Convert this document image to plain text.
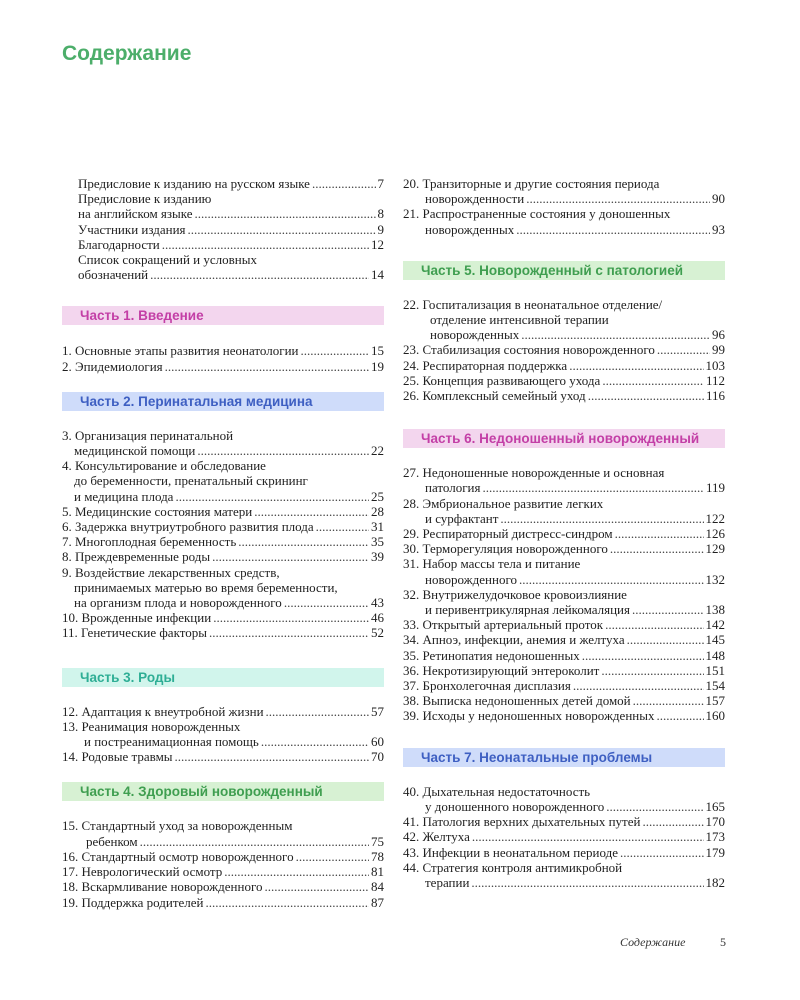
Содержание
Предисловие к изданию на русском языке .....	7
Предисловие к изданию
на английском языке .....	8
Участники издания .....	9
Благодарности .....	12
Список сокращений и условных
обозначений .....	14
Часть 1. Введение
1. Основные этапы развития неонатологии .....	15
2. Эпидемиология .....	19
Часть 2. Перинатальная медицина
3. Организация перинатальной
медицинской помощи .....	22
4. Консультирование и обследование
до беременности, пренатальный скрининг
и медицина плода .....	25
5. Медицинские состояния матери .....	28
6. Задержка внутриутробного развития плода .....	31
7. Многоплодная беременность .....	35
8. Преждевременные роды .....	39
9. Воздействие лекарственных средств,
принимаемых матерью во время беременности,
на организм плода и новорожденного .....	43
10. Врожденные инфекции .....	46
11. Генетические факторы .....	52
Часть 3. Роды
12. Адаптация к внеутробной жизни .....	57
13. Реанимация новорожденных
и постреанимационная помощь .....	60
14. Родовые травмы .....	70
Часть 4. Здоровый новорожденный
15. Стандартный уход за новорожденным
ребенком .....	75
16. Стандартный осмотр новорожденного .....	78
17. Неврологический осмотр .....	81
18. Вскармливание новорожденного .....	84
19. Поддержка родителей .....	87
20. Транзиторные и другие состояния периода
новорожденности .....	90
21. Распространенные состояния у доношенных
новорожденных .....	93
Часть 5. Новорожденный с патологией
22. Госпитализация в неонатальное отделение/
отделение интенсивной терапии
новорожденных .....	96
23. Стабилизация состояния новорожденного .....	99
24. Респираторная поддержка .....	103
25. Концепция развивающего ухода .....	112
26. Комплексный семейный уход .....	116
Часть 6. Недоношенный новорожденный
27. Недоношенные новорожденные и основная
патология .....	119
28. Эмбриональное развитие легких
и сурфактант .....	122
29. Респираторный дистресс-синдром .....	126
30. Терморегуляция новорожденного .....	129
31. Набор массы тела и питание
новорожденного .....	132
32. Внутрижелудочковое кровоизлияние
и перивентрикулярная лейкомаляция .....	138
33. Открытый артериальный проток .....	142
34. Апноэ, инфекции, анемия и желтуха .....	145
35. Ретинопатия недоношенных .....	148
36. Некротизирующий энтероколит .....	151
37. Бронхолегочная дисплазия .....	154
38. Выписка недоношенных детей домой .....	157
39. Исходы у недоношенных новорожденных .....	160
Часть 7. Неонатальные проблемы
40. Дыхательная недостаточность
у доношенного новорожденного .....	165
41. Патология верхних дыхательных путей .....	170
42. Желтуха .....	173
43. Инфекции в неонатальном периоде .....	179
44. Стратегия контроля антимикробной
терапии .....	182
Содержание	5
